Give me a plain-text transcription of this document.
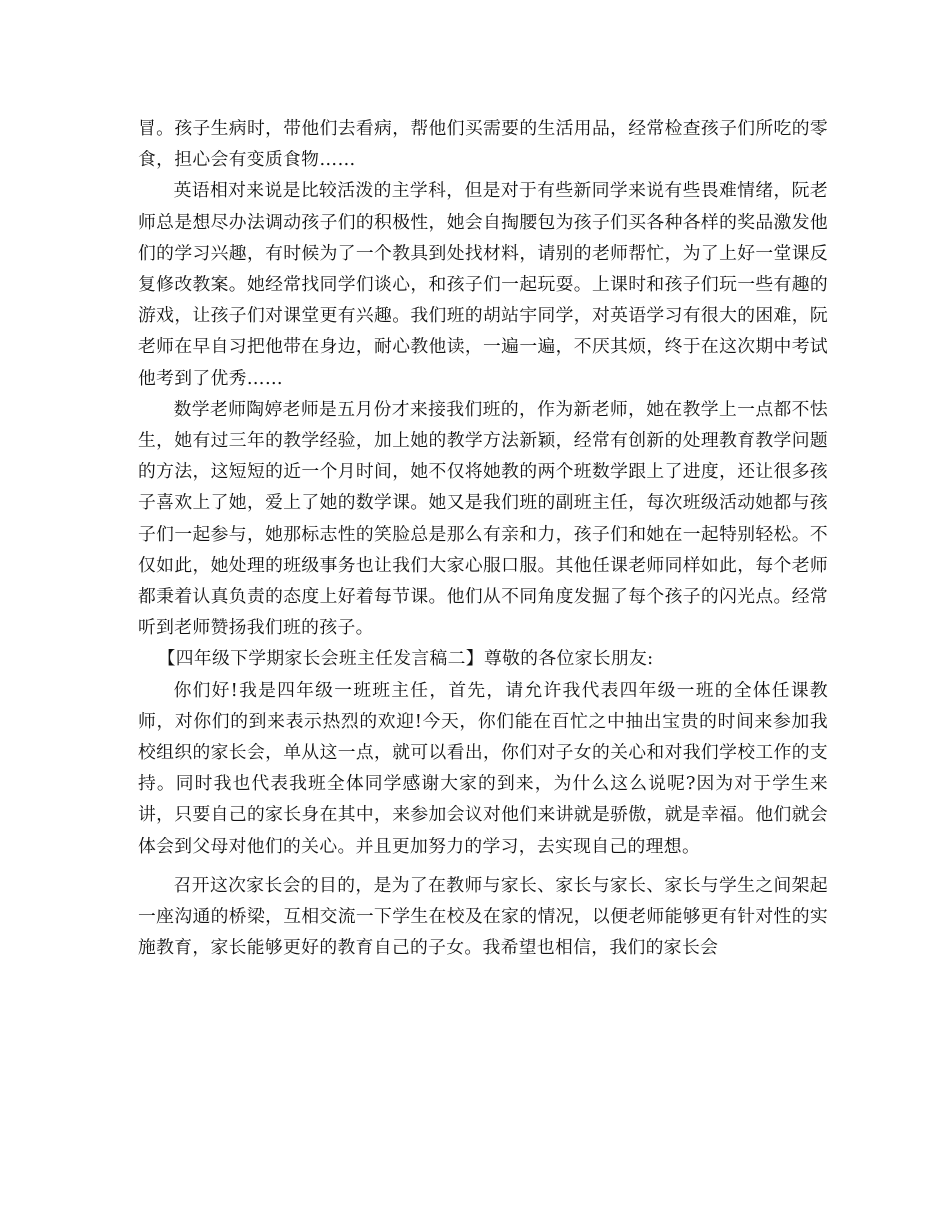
冒。孩子生病时，带他们去看病，帮他们买需要的生活用品，经常检查孩子们所吃的零食，担心会有变质食物……

英语相对来说是比较活泼的主学科，但是对于有些新同学来说有些畏难情绪，阮老师总是想尽办法调动孩子们的积极性，她会自掏腰包为孩子们买各种各样的奖品激发他们的学习兴趣，有时候为了一个教具到处找材料，请别的老师帮忙，为了上好一堂课反复修改教案。她经常找同学们谈心，和孩子们一起玩耍。上课时和孩子们玩一些有趣的游戏，让孩子们对课堂更有兴趣。我们班的胡站宇同学，对英语学习有很大的困难，阮老师在早自习把他带在身边，耐心教他读，一遍一遍，不厌其烦，终于在这次期中考试他考到了优秀……

数学老师陶婷老师是五月份才来接我们班的，作为新老师，她在教学上一点都不怯生，她有过三年的教学经验，加上她的教学方法新颖，经常有创新的处理教育教学问题的方法，这短短的近一个月时间，她不仅将她教的两个班数学跟上了进度，还让很多孩子喜欢上了她，爱上了她的数学课。她又是我们班的副班主任，每次班级活动她都与孩子们一起参与，她那标志性的笑脸总是那么有亲和力，孩子们和她在一起特别轻松。不仅如此，她处理的班级事务也让我们大家心服口服。其他任课老师同样如此，每个老师都秉着认真负责的态度上好着每节课。他们从不同角度发掘了每个孩子的闪光点。经常听到老师赞扬我们班的孩子。

【四年级下学期家长会班主任发言稿二】尊敬的各位家长朋友:

你们好!我是四年级一班班主任，首先，请允许我代表四年级一班的全体任课教师，对你们的到来表示热烈的欢迎!今天，你们能在百忙之中抽出宝贵的时间来参加我校组织的家长会，单从这一点，就可以看出，你们对子女的关心和对我们学校工作的支持。同时我也代表我班全体同学感谢大家的到来，为什么这么说呢?因为对于学生来讲，只要自己的家长身在其中，来参加会议对他们来讲就是骄傲，就是幸福。他们就会体会到父母对他们的关心。并且更加努力的学习，去实现自己的理想。

召开这次家长会的目的，是为了在教师与家长、家长与家长、家长与学生之间架起一座沟通的桥梁，互相交流一下学生在校及在家的情况，以便老师能够更有针对性的实施教育，家长能够更好的教育自己的子女。我希望也相信，我们的家长会
